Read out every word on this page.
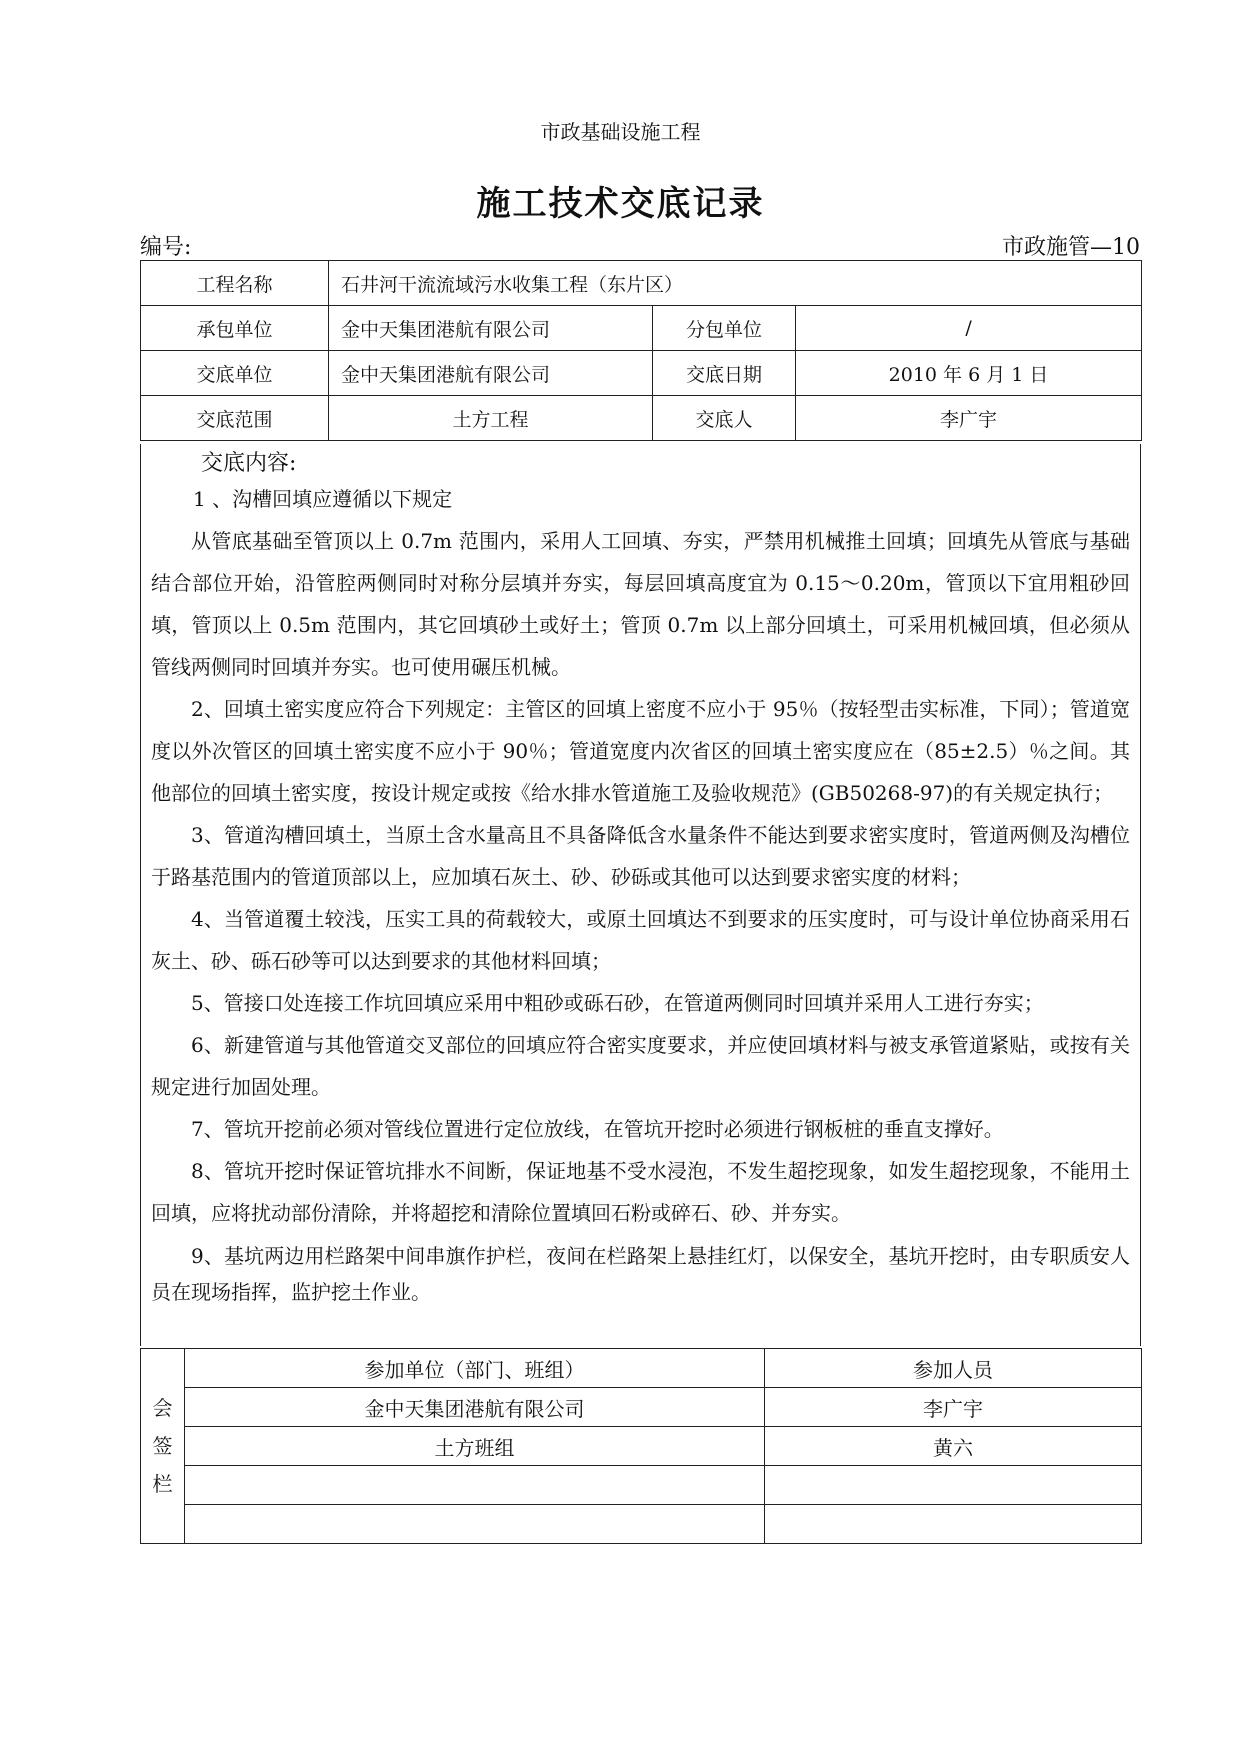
市政基础设施工程
施工技术交底记录
编号:	市政施管—10
工程名称	石井河干流流域污水收集工程（东片区）		
承包单位	金中天集团港航有限公司	分包单位	/
交底单位	金中天集团港航有限公司	交底日期	2010 年 6 月 1 日
交底范围	土方工程	交底人	李广宇
交底内容:

1 、沟槽回填应遵循以下规定

从管底基础至管顶以上 0.7m 范围内，采用人工回填、夯实，严禁用机械推土回填；回填先从管底与基础结合部位开始，沿管腔两侧同时对称分层填并夯实，每层回填高度宜为 0.15～0.20m，管顶以下宜用粗砂回填，管顶以上 0.5m 范围内，其它回填砂土或好土；管顶 0.7m 以上部分回填土，可采用机械回填，但必须从管线两侧同时回填并夯实。也可使用碾压机械。

2、回填土密实度应符合下列规定：主管区的回填上密度不应小于 95％（按轻型击实标准，下同）；管道宽度以外次管区的回填土密实度不应小于 90％；管道宽度内次省区的回填土密实度应在（85±2.5）％之间。其他部位的回填土密实度，按设计规定或按《给水排水管道施工及验收规范》(GB50268-97)的有关规定执行；

3、管道沟槽回填土，当原土含水量高且不具备降低含水量条件不能达到要求密实度时，管道两侧及沟槽位于路基范围内的管道顶部以上，应加填石灰土、砂、砂砾或其他可以达到要求密实度的材料；

4、当管道覆土较浅，压实工具的荷载较大，或原土回填达不到要求的压实度时，可与设计单位协商采用石灰土、砂、砾石砂等可以达到要求的其他材料回填；

5、管接口处连接工作坑回填应采用中粗砂或砾石砂，在管道两侧同时回填并采用人工进行夯实；

6、新建管道与其他管道交叉部位的回填应符合密实度要求，并应使回填材料与被支承管道紧贴，或按有关规定进行加固处理。

7、管坑开挖前必须对管线位置进行定位放线，在管坑开挖时必须进行钢板桩的垂直支撑好。

8、管坑开挖时保证管坑排水不间断，保证地基不受水浸泡，不发生超挖现象，如发生超挖现象，不能用土回填，应将扰动部份清除，并将超挖和清除位置填回石粉或碎石、砂、并夯实。

9、基坑两边用栏路架中间串旗作护栏，夜间在栏路架上悬挂红灯，以保安全，基坑开挖时，由专职质安人员在现场指挥，监护挖土作业。

会签栏	参加单位（部门、班组）	参加人员
	金中天集团港航有限公司	李广宇
	土方班组	黄六
